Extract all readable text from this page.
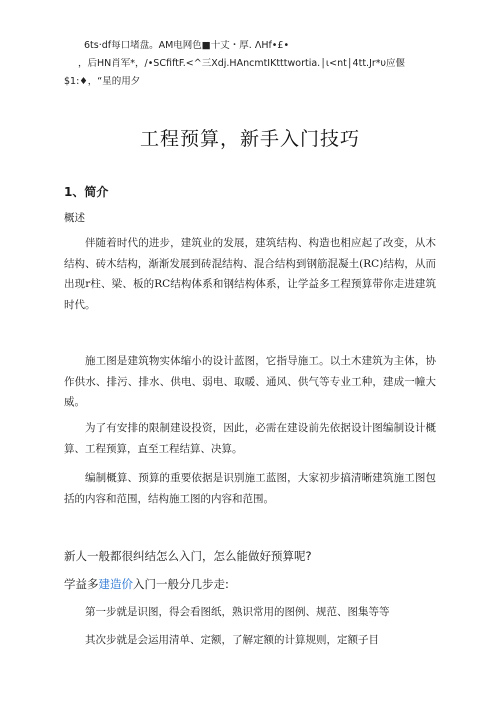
6ts·df每口堵盘。AM电网色■十丈・厚. ΛHf•£•
，后HN肖军*，/•SCfiftF.<^三Xdj.HAncmtIKtttwortia.│ι<nt│4tt.Jr*υ应偃
$1:♦，“星的用夕
工程预算，新手入门技巧
1、简介
概述
伴随着时代的进步，建筑业的发展，建筑结构、构造也相应起了改变，从木结构、砖木结构，渐渐发展到砖混结构、混合结构到钢筋混凝土(RC)结构，从而出现r柱、梁、板的RC结构体系和钢结构体系，让学益多工程预算带你走进建筑时代。
施工图是建筑物实体缩小的设计蓝图，它指导施工。以土木建筑为主体，协作供水、排污、排水、供电、弱电、取暖、通风、供气等专业工种，建成一幢大威。
为了有安排的限制建设投资，因此，必需在建设前先依据设计图编制设计概算、工程预算，直至工程结算、决算。
编制概算、预算的重要依据是识别施工蓝图，大家初步搞清晰建筑施工图包括的内容和范围，结构施工图的内容和范围。
新人一般都很纠结怎么入门，怎么能做好预算呢?
学益多建造价入门一般分几步走:
第一步就是识图，得会看图纸，熟识常用的图例、规范、图集等等
其次步就是会运用清单、定额，了解定额的计算规则，定额子目
